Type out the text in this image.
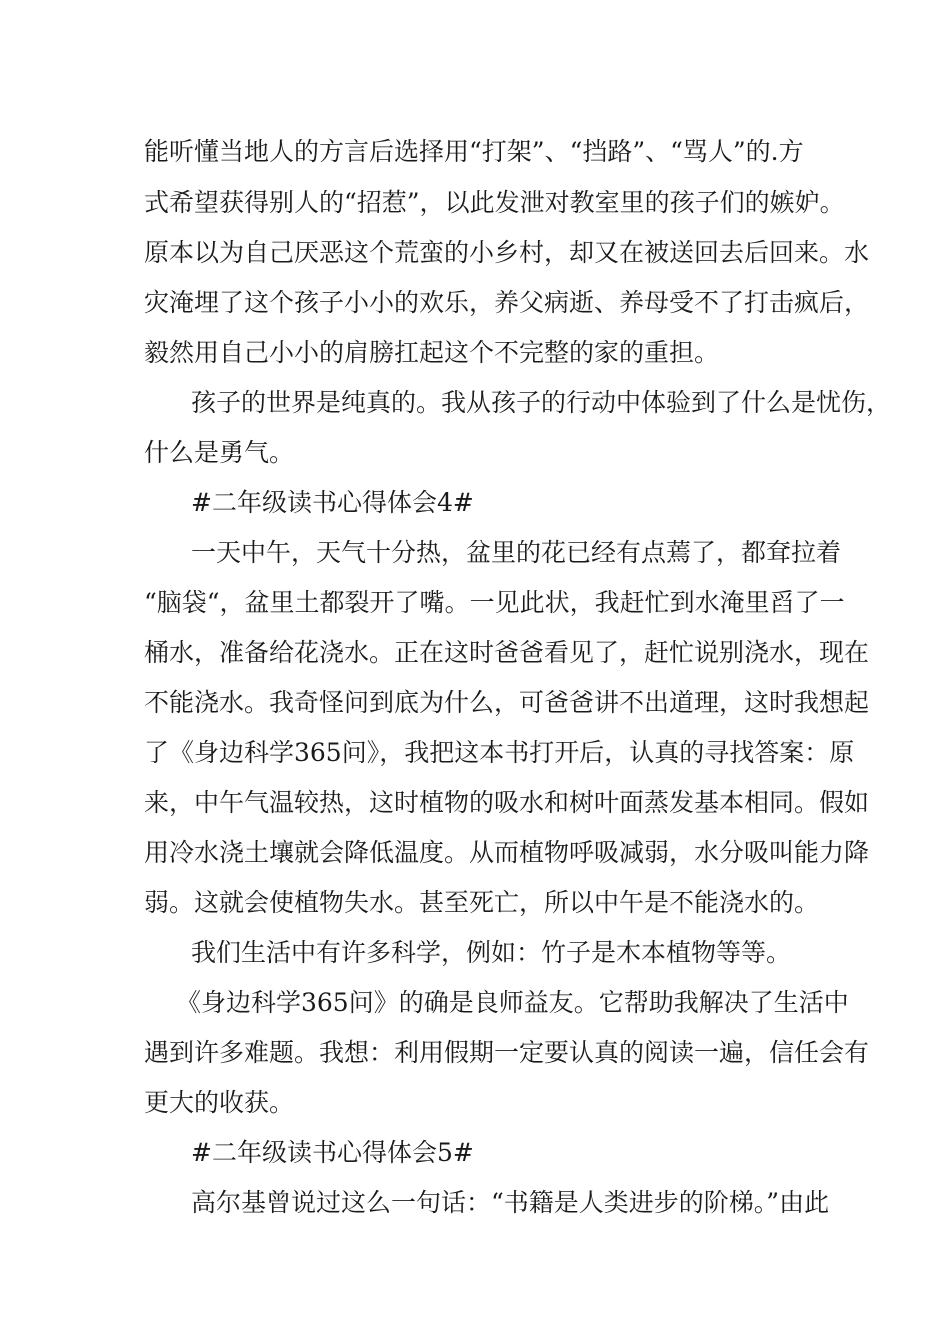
能听懂当地人的方言后选择用“打架”、“挡路”、“骂人”的.方
式希望获得别人的“招惹”，以此发泄对教室里的孩子们的嫉妒。
原本以为自己厌恶这个荒蛮的小乡村，却又在被送回去后回来。水
灾淹埋了这个孩子小小的欢乐，养父病逝、养母受不了打击疯后，
毅然用自己小小的肩膀扛起这个不完整的家的重担。
孩子的世界是纯真的。我从孩子的行动中体验到了什么是忧伤，
什么是勇气。
#二年级读书心得体会4#
一天中午，天气十分热，盆里的花已经有点蔫了，都耷拉着
“脑袋“，盆里土都裂开了嘴。一见此状，我赶忙到水淹里舀了一
桶水，准备给花浇水。正在这时爸爸看见了，赶忙说别浇水，现在
不能浇水。我奇怪问到底为什么，可爸爸讲不出道理，这时我想起
了《身边科学365问》，我把这本书打开后，认真的寻找答案：原
来，中午气温较热，这时植物的吸水和树叶面蒸发基本相同。假如
用冷水浇土壤就会降低温度。从而植物呼吸减弱，水分吸叫能力降
弱。这就会使植物失水。甚至死亡，所以中午是不能浇水的。
我们生活中有许多科学，例如：竹子是木本植物等等。
《身边科学365问》的确是良师益友。它帮助我解决了生活中
遇到许多难题。我想：利用假期一定要认真的阅读一遍，信任会有
更大的收获。
#二年级读书心得体会5#
高尔基曾说过这么一句话：“书籍是人类进步的阶梯。”由此
